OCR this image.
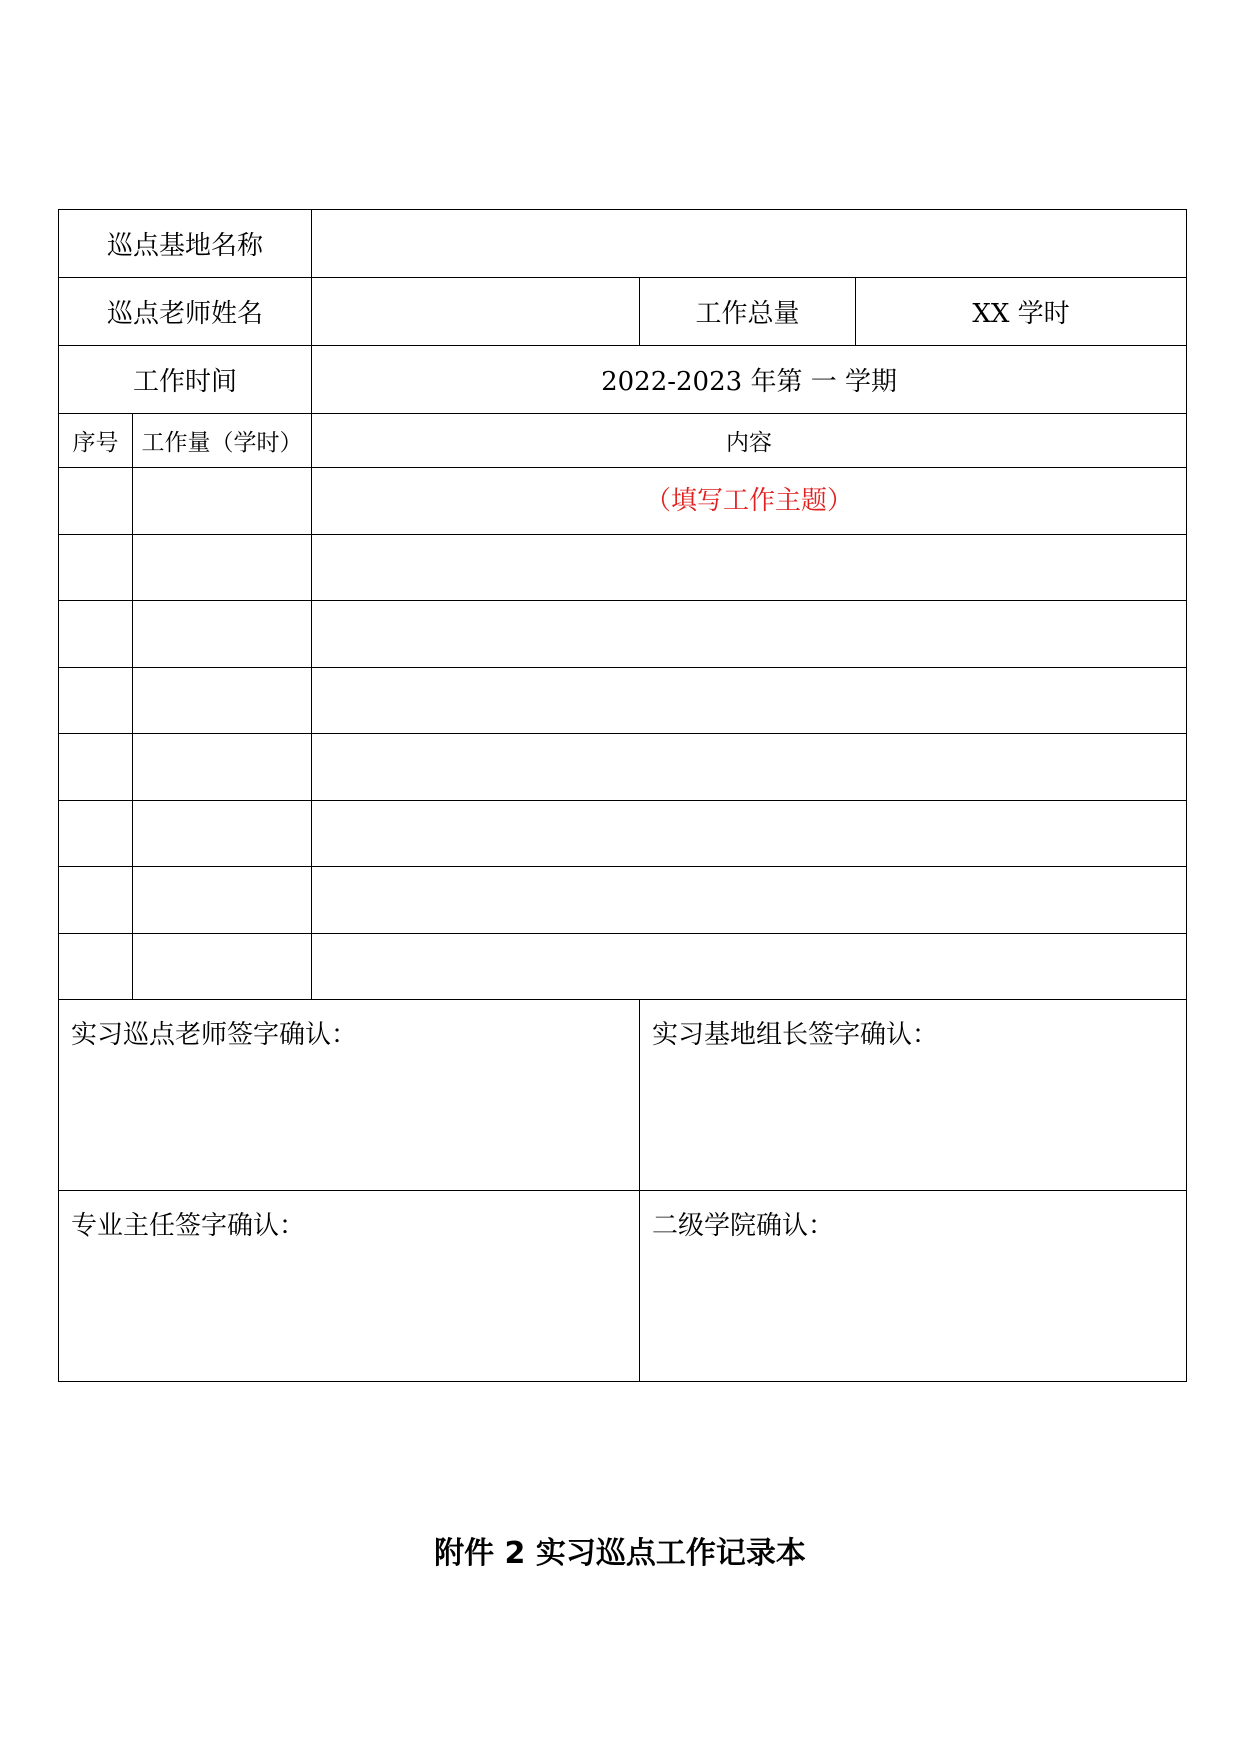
巡点基地名称				
巡点老师姓名			工作总量	XX 学时
工作时间		2022-2023 年第 一 学期		
序号	工作量（学时）	内容		
		（填写工作主题）		

实习巡点老师签字确认：			实习基地组长签字确认：	
专业主任签字确认：			二级学院确认：	
附件 2 实习巡点工作记录本
